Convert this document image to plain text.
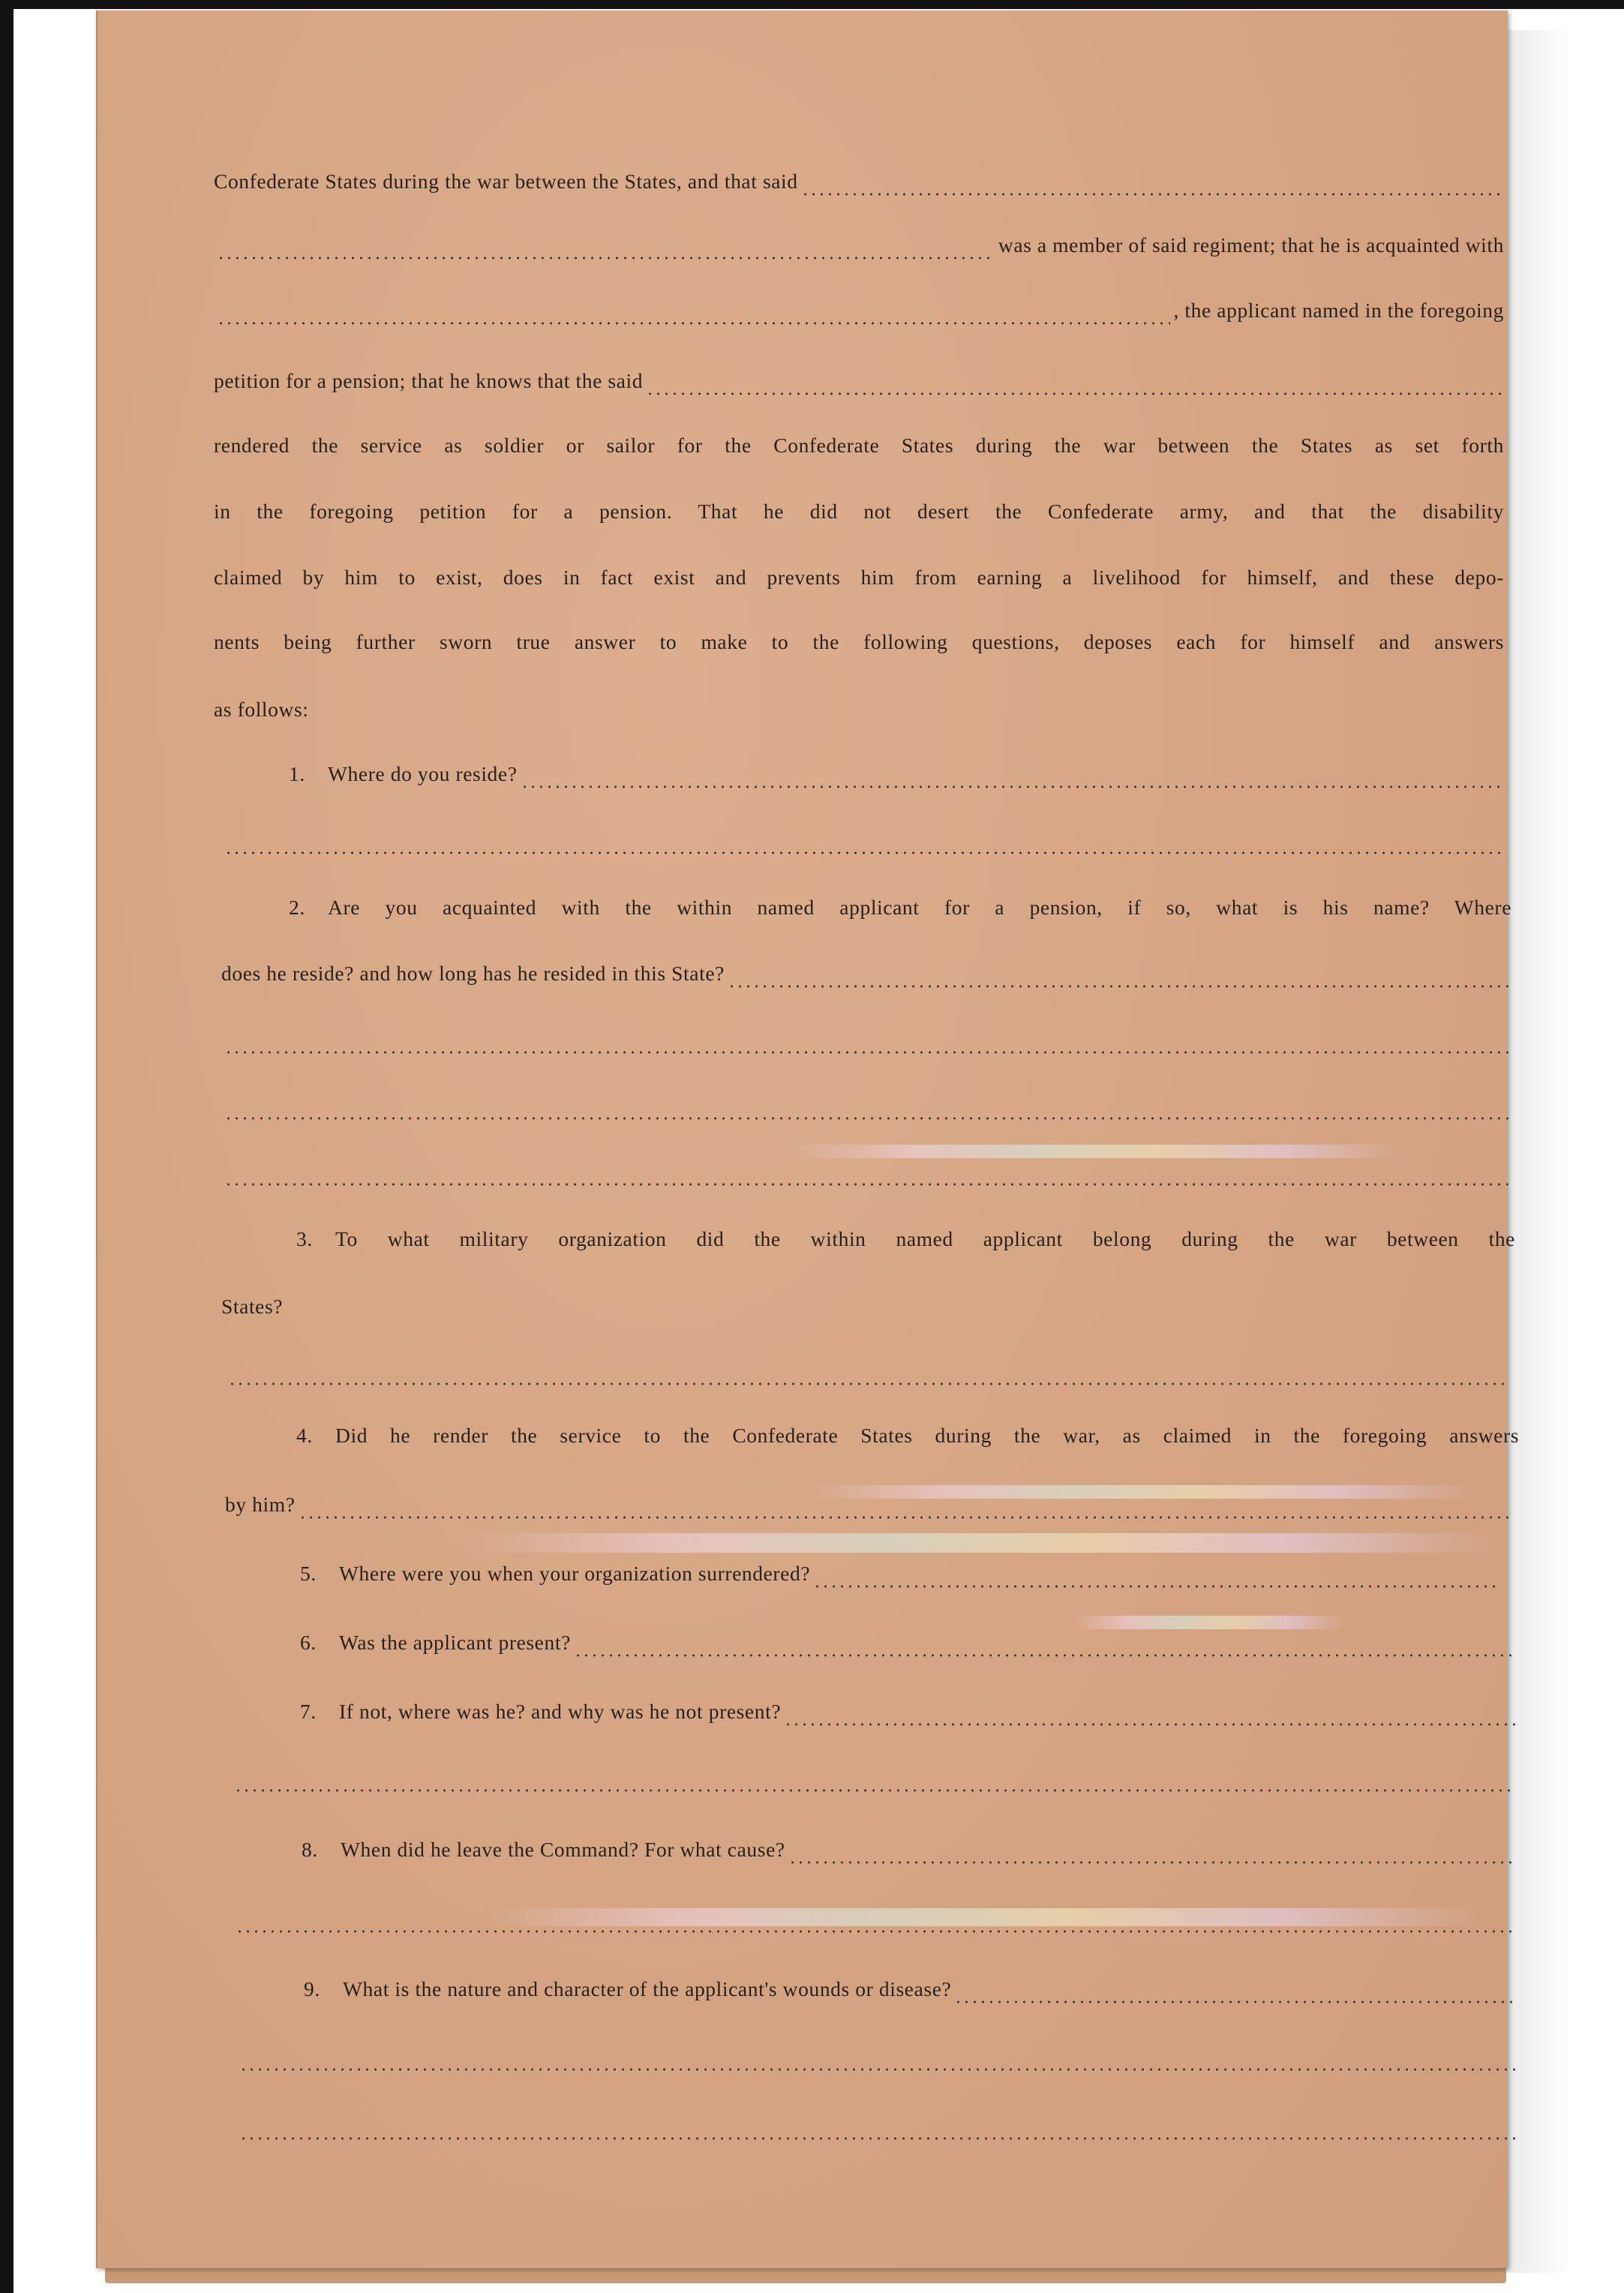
Confederate States during the war between the States, and that said
was a member of said regiment; that he is acquainted with
, the applicant named in the foregoing
petition for a pension; that he knows that the said
rendered the service as soldier or sailor for the Confederate States during the war between the States as set forth
in the foregoing petition for a pension. That he did not desert the Confederate army, and that the disability
claimed by him to exist, does in fact exist and prevents him from earning a livelihood for himself, and these depo-
nents being further sworn true answer to make to the following questions, deposes each for himself and answers
as follows:
1. Where do you reside?
2. Are you acquainted with the within named applicant for a pension, if so, what is his name? Where
does he reside? and how long has he resided in this State?
3. To what military organization did the within named applicant belong during the war between the
States?
4. Did he render the service to the Confederate States during the war, as claimed in the foregoing answers
by him?
5. Where were you when your organization surrendered?
6. Was the applicant present?
7. If not, where was he? and why was he not present?
8. When did he leave the Command? For what cause?
9. What is the nature and character of the applicant's wounds or disease?
